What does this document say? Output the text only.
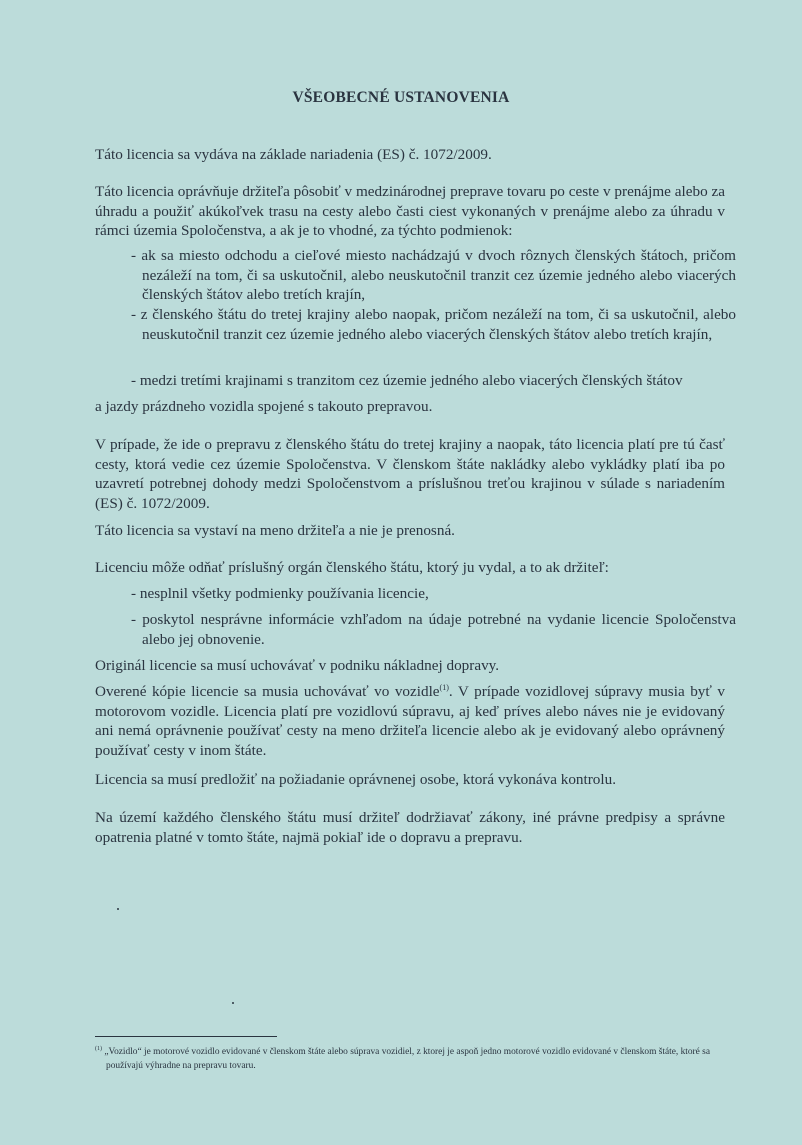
VŠEOBECNÉ USTANOVENIA

Táto licencia sa vydáva na základe nariadenia (ES) č. 1072/2009.

Táto licencia oprávňuje držiteľa pôsobiť v medzinárodnej preprave tovaru po ceste v prenájme alebo za úhradu a použiť akúkoľvek trasu na cesty alebo časti ciest vykonaných v prenájme alebo za úhradu v rámci územia Spoločenstva, a ak je to vhodné, za týchto podmienok:

- ak sa miesto odchodu a cieľové miesto nachádzajú v dvoch rôznych členských štátoch, pričom nezáleží na tom, či sa uskutočnil, alebo neuskutočnil tranzit cez územie jedného alebo viacerých členských štátov alebo tretích krajín,

- z členského štátu do tretej krajiny alebo naopak, pričom nezáleží na tom, či sa uskutočnil, alebo neuskutočnil tranzit cez územie jedného alebo viacerých členských štátov alebo tretích krajín,

- medzi tretími krajinami s tranzitom cez územie jedného alebo viacerých členských štátov

a jazdy prázdneho vozidla spojené s takouto prepravou.

V prípade, že ide o prepravu z členského štátu do tretej krajiny a naopak, táto licencia platí pre tú časť cesty, ktorá vedie cez územie Spoločenstva. V členskom štáte nakládky alebo vykládky platí iba po uzavretí potrebnej dohody medzi Spoločenstvom a príslušnou treťou krajinou v súlade s nariadením (ES) č. 1072/2009.

Táto licencia sa vystaví na meno držiteľa a nie je prenosná.

Licenciu môže odňať príslušný orgán členského štátu, ktorý ju vydal, a to ak držiteľ:

- nesplnil všetky podmienky používania licencie,

- poskytol nesprávne informácie vzhľadom na údaje potrebné na vydanie licencie Spoločenstva alebo jej obnovenie.

Originál licencie sa musí uchovávať v podniku nákladnej dopravy.

Overené kópie licencie sa musia uchovávať vo vozidle$^{(1)}$. V prípade vozidlovej súpravy musia byť v motorovom vozidle. Licencia platí pre vozidlovú súpravu, aj keď príves alebo náves nie je evidovaný ani nemá oprávnenie používať cesty na meno držiteľa licencie alebo ak je evidovaný alebo oprávnený používať cesty v inom štáte.

Licencia sa musí predložiť na požiadanie oprávnenej osobe, ktorá vykonáva kontrolu.

Na území každého členského štátu musí držiteľ dodržiavať zákony, iné právne predpisy a správne opatrenia platné v tomto štáte, najmä pokiaľ ide o dopravu a prepravu.

$^{(1)}$ „Vozidlo“ je motorové vozidlo evidované v členskom štáte alebo súprava vozidiel, z ktorej je aspoň jedno motorové vozidlo evidované v členskom štáte, ktoré sa používajú výhradne na prepravu tovaru.
